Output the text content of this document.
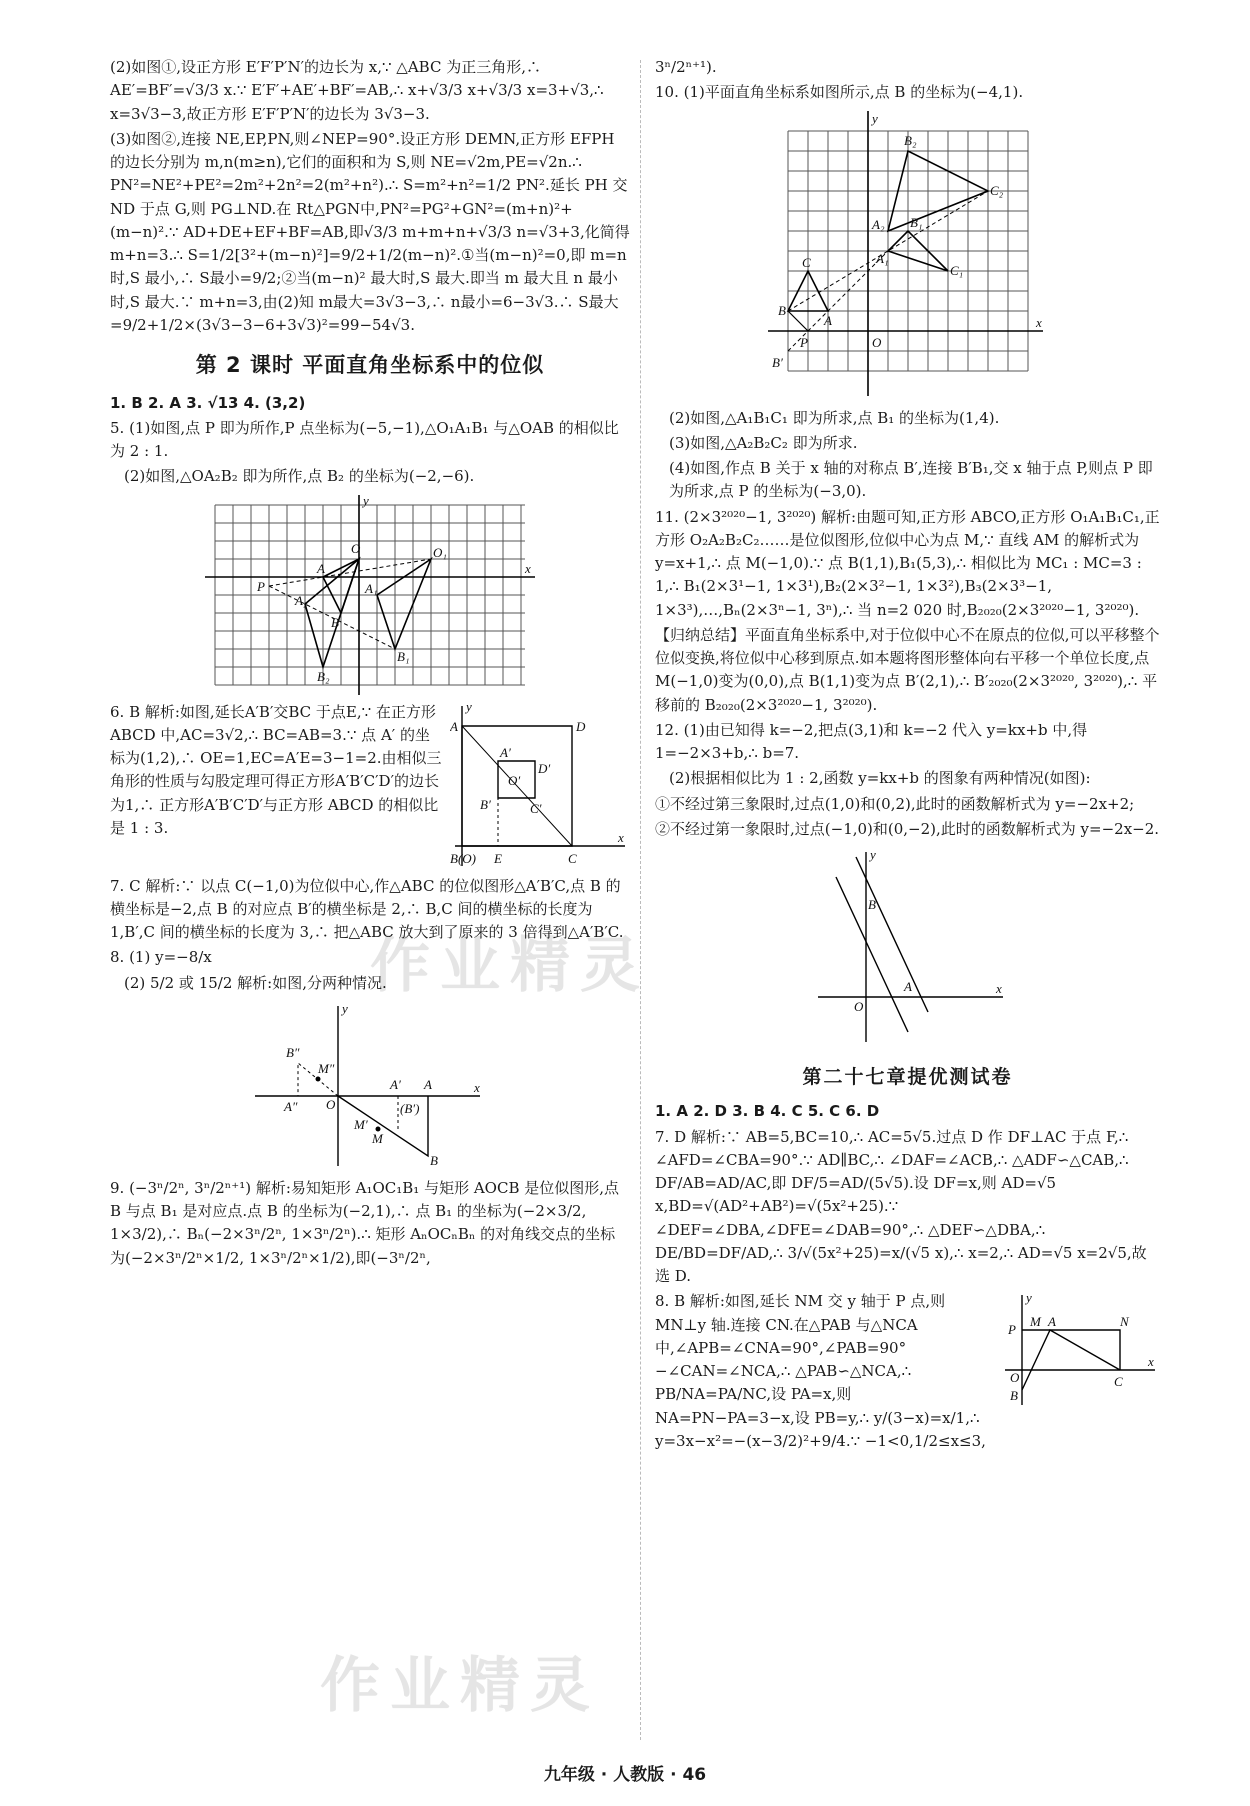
(2)如图①,设正方形 E′F′P′N′的边长为 x,∵ △ABC 为正三角形,∴ AE′=BF′=√3/3 x.∵ E′F′+AE′+BF′=AB,∴ x+√3/3 x+√3/3 x=3+√3,∴ x=3√3−3,故正方形 E′F′P′N′的边长为 3√3−3.

(3)如图②,连接 NE,EP,PN,则∠NEP=90°.设正方形 DEMN,正方形 EFPH 的边长分别为 m,n(m≥n),它们的面积和为 S,则 NE=√2m,PE=√2n.∴ PN²=NE²+PE²=2m²+2n²=2(m²+n²).∴ S=m²+n²=1/2 PN².延长 PH 交 ND 于点 G,则 PG⊥ND.在 Rt△PGN中,PN²=PG²+GN²=(m+n)²+(m−n)².∵ AD+DE+EF+BF=AB,即√3/3 m+m+n+√3/3 n=√3+3,化简得 m+n=3.∴ S=1/2[3²+(m−n)²]=9/2+1/2(m−n)².①当(m−n)²=0,即 m=n 时,S 最小,∴ S最小=9/2;②当(m−n)² 最大时,S 最大.即当 m 最大且 n 最小时,S 最大.∵ m+n=3,由(2)知 m最大=3√3−3,∴ n最小=6−3√3.∴ S最大=9/2+1/2×(3√3−3−6+3√3)²=99−54√3.

第 2 课时 平面直角坐标系中的位似

1. B 2. A 3. √13 4. (3,2)

5. (1)如图,点 P 即为所作,P 点坐标为(−5,−1),△O₁A₁B₁ 与△OAB 的相似比为 2 : 1.

(2)如图,△OA₂B₂ 即为所作,点 B₂ 的坐标为(−2,−6).

O	O₁
A
A₁
A₂
B
B₁
B₂
P
x
y
A	D
A′
D′
O′
B′	C′
B(O) E	C
x
y

6. B 解析:如图,延长A′B′交BC 于点E,∵ 在正方形 ABCD 中,AC=3√2,∴ BC=AB=3.∵ 点 A′ 的坐标为(1,2),∴ OE=1,EC=A′E=3−1=2.由相似三角形的性质与勾股定理可得正方形A′B′C′D′的边长为1,∴ 正方形A′B′C′D′与正方形 ABCD 的相似比是 1 : 3.

7. C 解析:∵ 以点 C(−1,0)为位似中心,作△ABC 的位似图形△A′B′C,点 B 的横坐标是−2,点 B 的对应点 B′的横坐标是 2,∴ B,C 间的横坐标的长度为 1,B′,C 间的横坐标的长度为 3,∴ 把△ABC 放大到了原来的 3 倍得到△A′B′C.

8. (1) y=−8/x

(2) 5/2 或 15/2 解析:如图,分两种情况.

B″
M″
A′ A
A″ O
M′
(B′)
M
B
x
y

9. (−3ⁿ/2ⁿ, 3ⁿ/2ⁿ⁺¹) 解析:易知矩形 A₁OC₁B₁ 与矩形 AOCB 是位似图形,点 B 与点 B₁ 是对应点.点 B 的坐标为(−2,1),∴ 点 B₁ 的坐标为(−2×3/2, 1×3/2),∴ Bₙ(−2×3ⁿ/2ⁿ, 1×3ⁿ/2ⁿ).∴ 矩形 AₙOCₙBₙ 的对角线交点的坐标为(−2×3ⁿ/2ⁿ×1/2, 1×3ⁿ/2ⁿ×1/2),即(−3ⁿ/2ⁿ,

3ⁿ/2ⁿ⁺¹).

10. (1)平面直角坐标系如图所示,点 B 的坐标为(−4,1).

B
C
A
P
B′
O
A₁
B₁
C₁
A₂
B₂
C₂
x
y

(2)如图,△A₁B₁C₁ 即为所求,点 B₁ 的坐标为(1,4).

(3)如图,△A₂B₂C₂ 即为所求.

(4)如图,作点 B 关于 x 轴的对称点 B′,连接 B′B₁,交 x 轴于点 P,则点 P 即为所求,点 P 的坐标为(−3,0).

11. (2×3²⁰²⁰−1, 3²⁰²⁰) 解析:由题可知,正方形 ABCO,正方形 O₁A₁B₁C₁,正方形 O₂A₂B₂C₂……是位似图形,位似中心为点 M,∵ 直线 AM 的解析式为 y=x+1,∴ 点 M(−1,0).∵ 点 B(1,1),B₁(5,3),∴ 相似比为 MC₁ : MC=3 : 1,∴ B₁(2×3¹−1, 1×3¹),B₂(2×3²−1, 1×3²),B₃(2×3³−1, 1×3³),…,Bₙ(2×3ⁿ−1, 3ⁿ),∴ 当 n=2 020 时,B₂₀₂₀(2×3²⁰²⁰−1, 3²⁰²⁰).

【归纳总结】平面直角坐标系中,对于位似中心不在原点的位似,可以平移整个位似变换,将位似中心移到原点.如本题将图形整体向右平移一个单位长度,点 M(−1,0)变为(0,0),点 B(1,1)变为点 B′(2,1),∴ B′₂₀₂₀(2×3²⁰²⁰, 3²⁰²⁰),∴ 平移前的 B₂₀₂₀(2×3²⁰²⁰−1, 3²⁰²⁰).

12. (1)由已知得 k=−2,把点(3,1)和 k=−2 代入 y=kx+b 中,得 1=−2×3+b,∴ b=7.

(2)根据相似比为 1 : 2,函数 y=kx+b 的图象有两种情况(如图):

①不经过第三象限时,过点(1,0)和(0,2),此时的函数解析式为 y=−2x+2;

②不经过第一象限时,过点(−1,0)和(0,−2),此时的函数解析式为 y=−2x−2.

B
A
O
x
y
第二十七章提优测试卷

1. A 2. D 3. B 4. C 5. C 6. D

7. D 解析:∵ AB=5,BC=10,∴ AC=5√5.过点 D 作 DF⊥AC 于点 F,∴ ∠AFD=∠CBA=90°.∵ AD∥BC,∴ ∠DAF=∠ACB,∴ △ADF∽△CAB,∴ DF/AB=AD/AC,即 DF/5=AD/(5√5).设 DF=x,则 AD=√5 x,BD=√(AD²+AB²)=√(5x²+25).∵ ∠DEF=∠DBA,∠DFE=∠DAB=90°,∴ △DEF∽△DBA,∴ DE/BD=DF/AD,∴ 3/√(5x²+25)=x/(√5 x),∴ x=2,∴ AD=√5 x=2√5,故选 D.

P
M A	N
C
O
B
x
y

8. B 解析:如图,延长 NM 交 y 轴于 P 点,则 MN⊥y 轴.连接 CN.在△PAB 与△NCA 中,∠APB=∠CNA=90°,∠PAB=90°−∠CAN=∠NCA,∴ △PAB∽△NCA,∴ PB/NA=PA/NC,设 PA=x,则 NA=PN−PA=3−x,设 PB=y,∴ y/(3−x)=x/1,∴ y=3x−x²=−(x−3/2)²+9/4.∵ −1<0,1/2≤x≤3,

作业精灵
作业精灵
九年级 · 人教版 · 46
